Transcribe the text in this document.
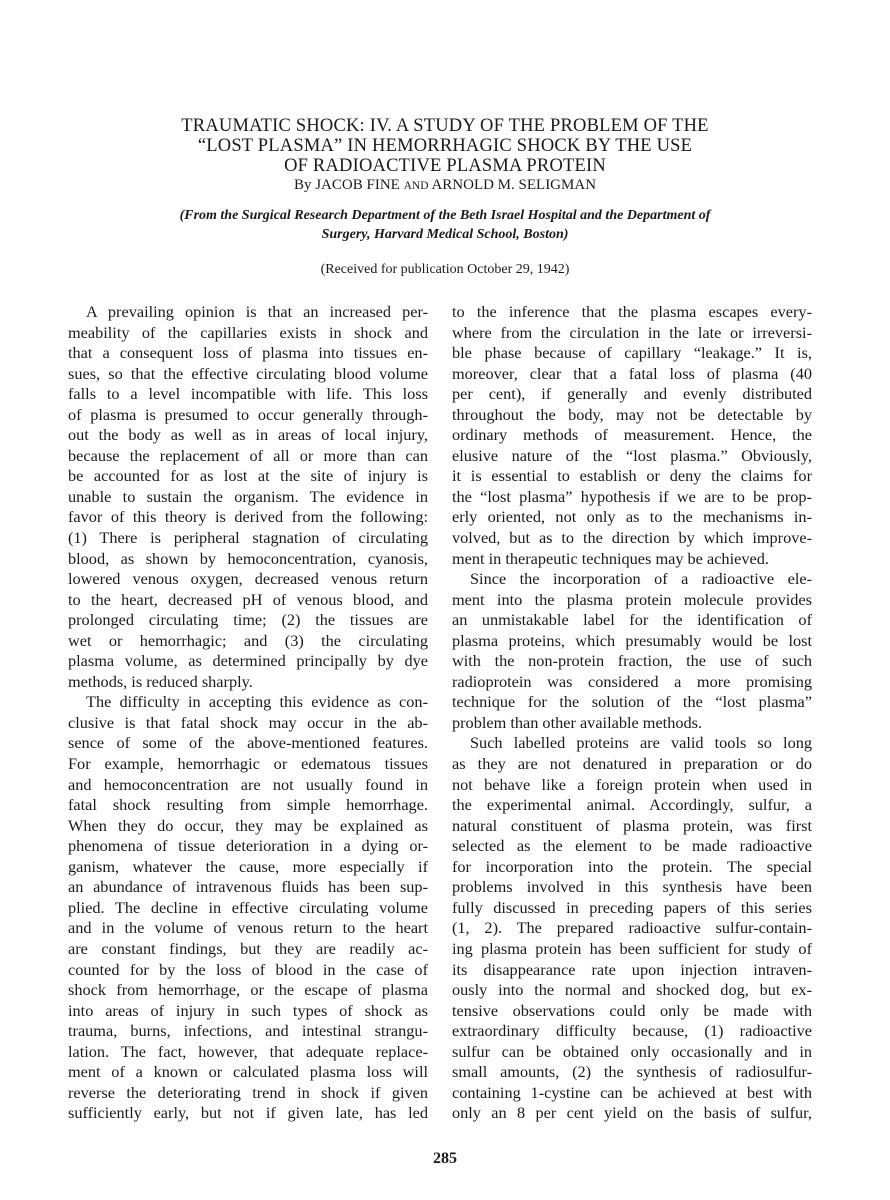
TRAUMATIC SHOCK: IV. A STUDY OF THE PROBLEM OF THE
“LOST PLASMA” IN HEMORRHAGIC SHOCK BY THE USE
OF RADIOACTIVE PLASMA PROTEIN
By JACOB FINE AND ARNOLD M. SELIGMAN
(From the Surgical Research Department of the Beth Israel Hospital and the Department of
Surgery, Harvard Medical School, Boston)
(Received for publication October 29, 1942)
A prevailing opinion is that an increased per-
meability of the capillaries exists in shock and
that a consequent loss of plasma into tissues en-
sues, so that the effective circulating blood volume
falls to a level incompatible with life. This loss
of plasma is presumed to occur generally through-
out the body as well as in areas of local injury,
because the replacement of all or more than can
be accounted for as lost at the site of injury is
unable to sustain the organism. The evidence in
favor of this theory is derived from the following:
(1) There is peripheral stagnation of circulating
blood, as shown by hemoconcentration, cyanosis,
lowered venous oxygen, decreased venous return
to the heart, decreased pH of venous blood, and
prolonged circulating time; (2) the tissues are
wet or hemorrhagic; and (3) the circulating
plasma volume, as determined principally by dye
methods, is reduced sharply.
The difficulty in accepting this evidence as con-
clusive is that fatal shock may occur in the ab-
sence of some of the above-mentioned features.
For example, hemorrhagic or edematous tissues
and hemoconcentration are not usually found in
fatal shock resulting from simple hemorrhage.
When they do occur, they may be explained as
phenomena of tissue deterioration in a dying or-
ganism, whatever the cause, more especially if
an abundance of intravenous fluids has been sup-
plied. The decline in effective circulating volume
and in the volume of venous return to the heart
are constant findings, but they are readily ac-
counted for by the loss of blood in the case of
shock from hemorrhage, or the escape of plasma
into areas of injury in such types of shock as
trauma, burns, infections, and intestinal strangu-
lation. The fact, however, that adequate replace-
ment of a known or calculated plasma loss will
reverse the deteriorating trend in shock if given
sufficiently early, but not if given late, has led
to the inference that the plasma escapes every-
where from the circulation in the late or irreversi-
ble phase because of capillary “leakage.” It is,
moreover, clear that a fatal loss of plasma (40
per cent), if generally and evenly distributed
throughout the body, may not be detectable by
ordinary methods of measurement. Hence, the
elusive nature of the “lost plasma.” Obviously,
it is essential to establish or deny the claims for
the “lost plasma” hypothesis if we are to be prop-
erly oriented, not only as to the mechanisms in-
volved, but as to the direction by which improve-
ment in therapeutic techniques may be achieved.
Since the incorporation of a radioactive ele-
ment into the plasma protein molecule provides
an unmistakable label for the identification of
plasma proteins, which presumably would be lost
with the non-protein fraction, the use of such
radioprotein was considered a more promising
technique for the solution of the “lost plasma”
problem than other available methods.
Such labelled proteins are valid tools so long
as they are not denatured in preparation or do
not behave like a foreign protein when used in
the experimental animal. Accordingly, sulfur, a
natural constituent of plasma protein, was first
selected as the element to be made radioactive
for incorporation into the protein. The special
problems involved in this synthesis have been
fully discussed in preceding papers of this series
(1, 2). The prepared radioactive sulfur-contain-
ing plasma protein has been sufficient for study of
its disappearance rate upon injection intraven-
ously into the normal and shocked dog, but ex-
tensive observations could only be made with
extraordinary difficulty because, (1) radioactive
sulfur can be obtained only occasionally and in
small amounts, (2) the synthesis of radiosulfur-
containing 1-cystine can be achieved at best with
only an 8 per cent yield on the basis of sulfur,
285
